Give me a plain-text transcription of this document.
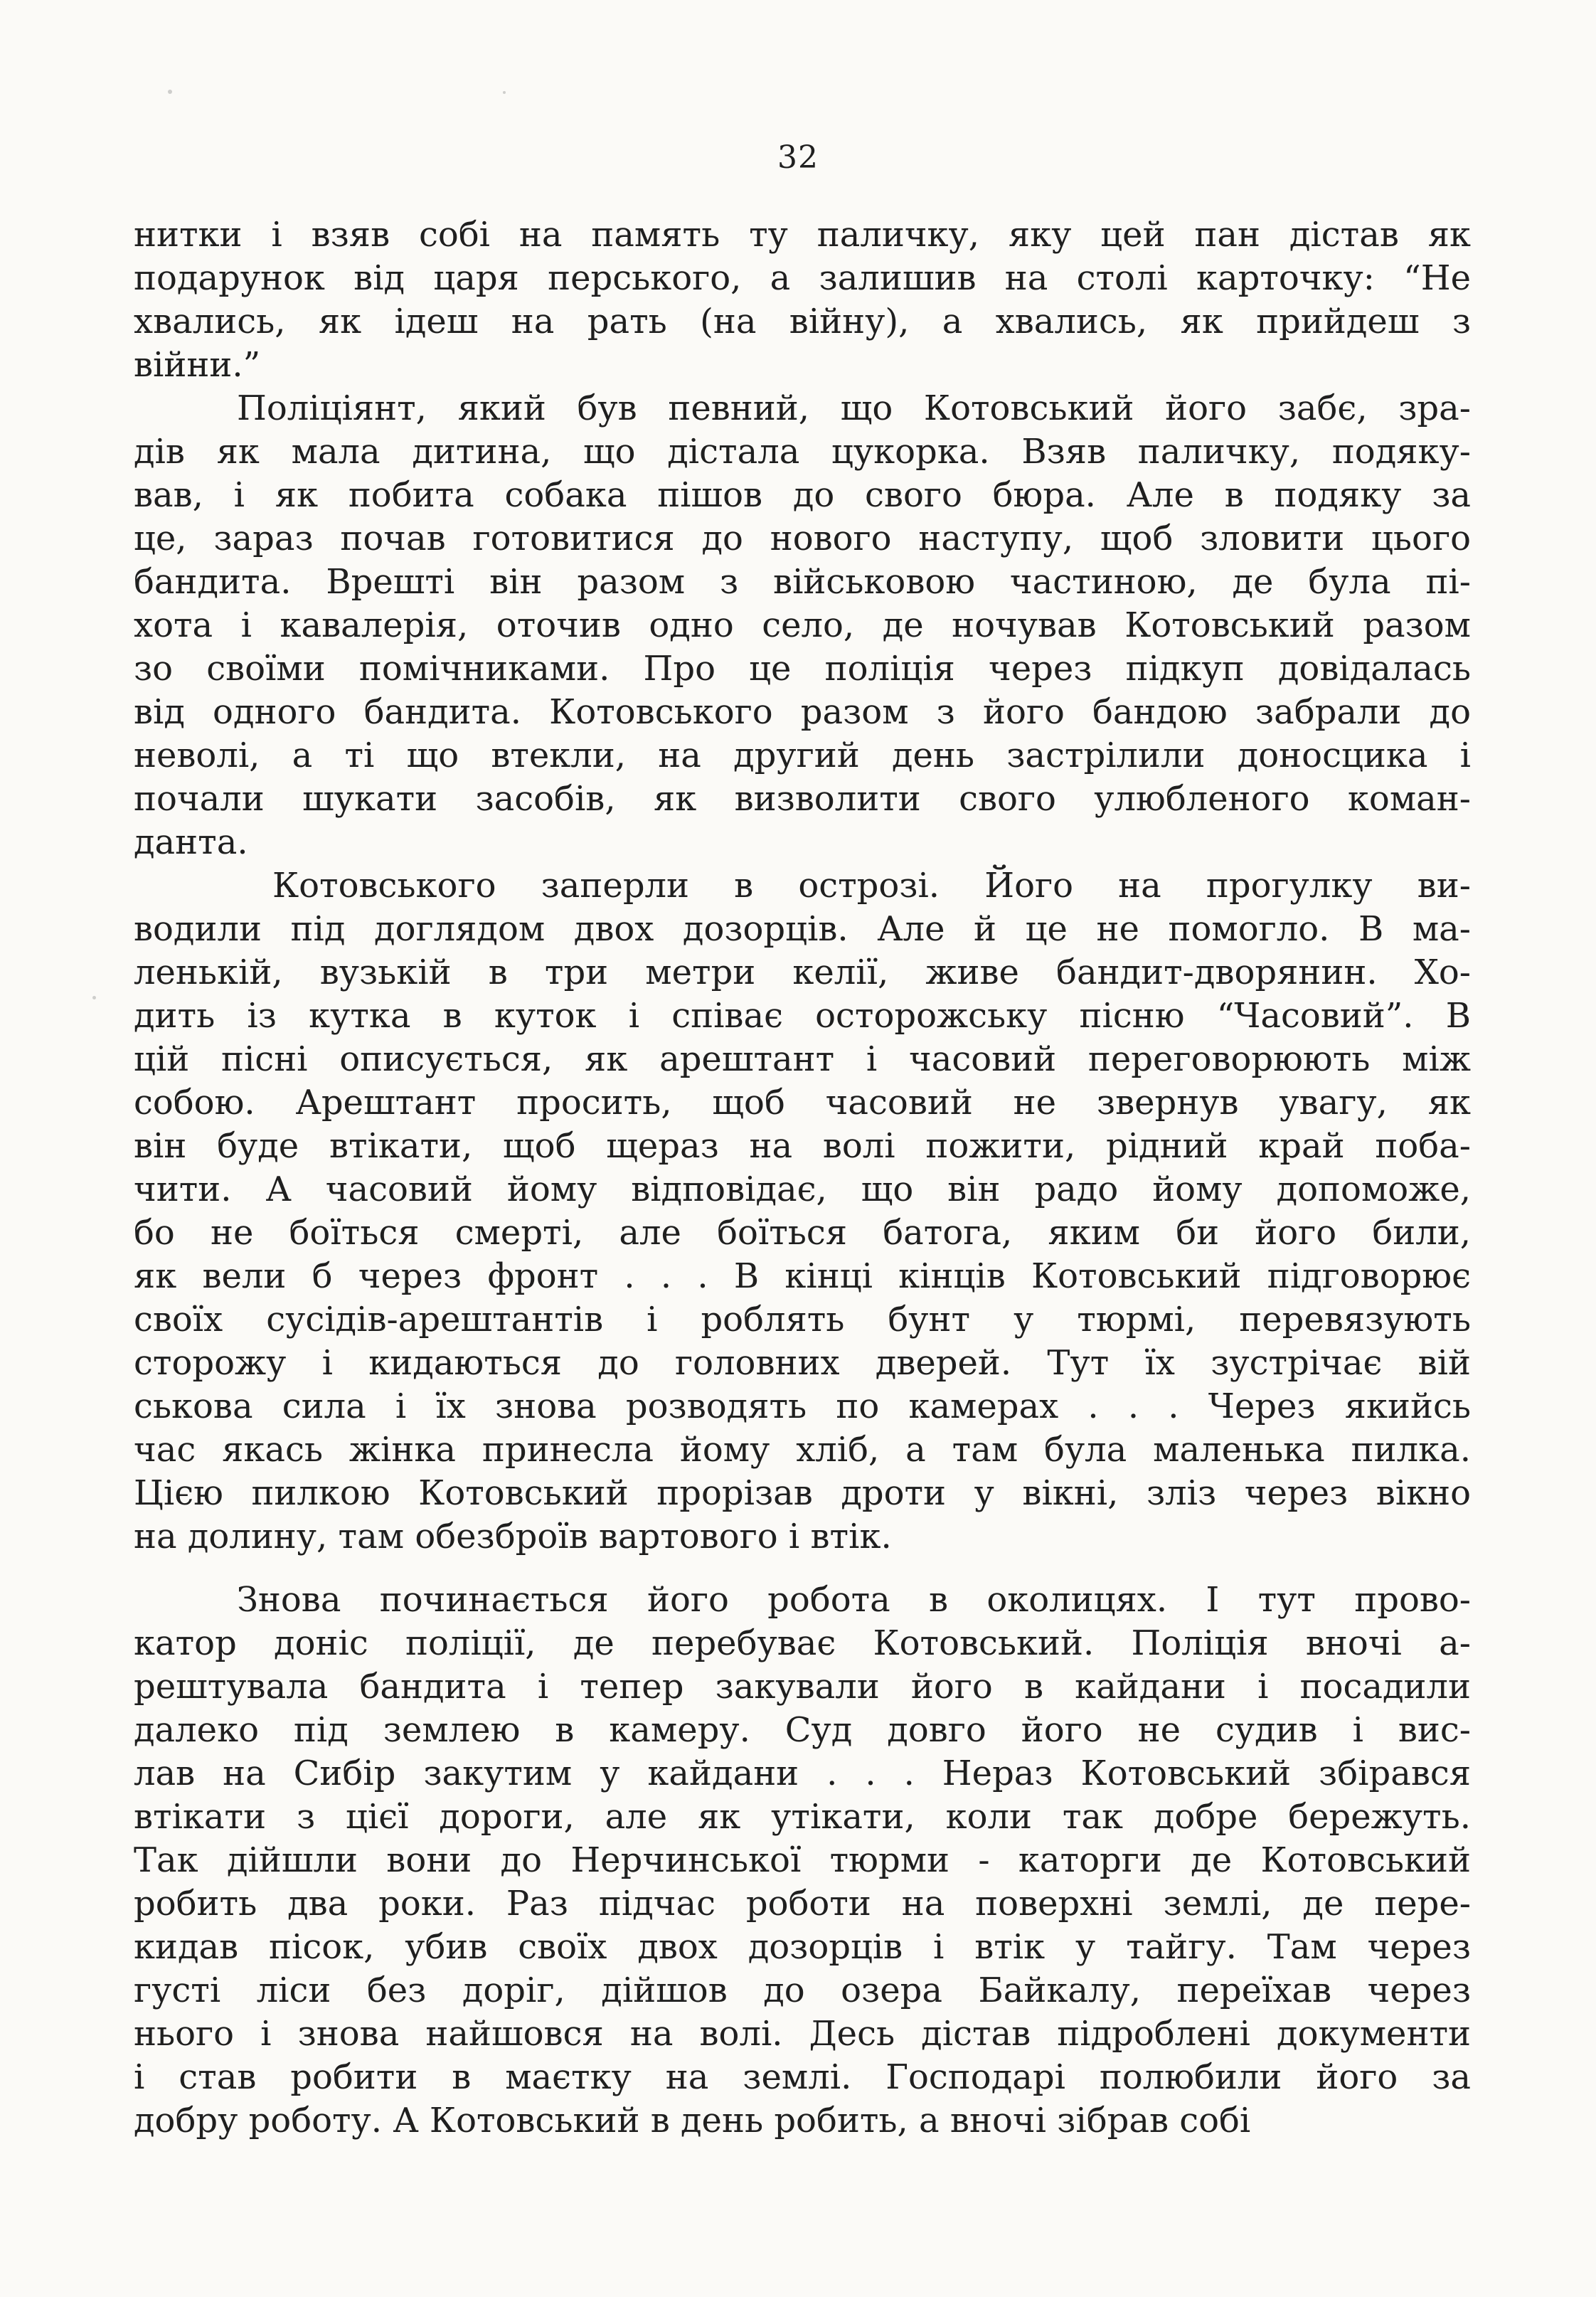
32
нитки і взяв собі на память ту паличку, яку цей пан дістав як
подарунок від царя перського, а залишив на столі карточку: “Не
хвались, як ідеш на рать (на війну), а хвались, як прийдеш з
війни.”
Поліціянт, який був певний, що Котовський його забє, зра-
дів як мала дитина, що дістала цукорка. Взяв паличку, подяку-
вав, і як побита собака пішов до свого бюра. Але в подяку за
це, зараз почав готовитися до нового наступу, щоб зловити цього
бандита. Врешті він разом з військовою частиною, де була пі-
хота і кавалерія, оточив одно село, де ночував Котовський разом
зо своїми помічниками. Про це поліція через підкуп довідалась
від одного бандита. Котовського разом з його бандою забрали до
неволі, а ті що втекли, на другий день застрілили доносцика і
почали шукати засобів, як визволити свого улюбленого коман-
данта.
Котовського заперли в острозі. Його на прогулку ви-
водили під доглядом двох дозорців. Але й це не помогло. В ма-
ленькій, вузькій в три метри келії, живе бандит-дворянин. Хо-
дить із кутка в куток і співає осторожську пісню “Часовий”. В
цій пісні описується, як арештант і часовий переговорюють між
собою. Арештант просить, щоб часовий не звернув увагу, як
він буде втікати, щоб щераз на волі пожити, рідний край поба-
чити. А часовий йому відповідає, що він радо йому допоможе,
бо не боїться смерті, але боїться батога, яким би його били,
як вели б через фронт . . . В кінці кінців Котовський підговорює
своїх сусідів-арештантів і роблять бунт у тюрмі, перевязують
сторожу і кидаються до головних дверей. Тут їх зустрічає вій
ськова сила і їх знова розводять по камерах . . . Через якийсь
час якась жінка принесла йому хліб, а там була маленька пилка.
Цією пилкою Котовський прорізав дроти у вікні, зліз через вікно
на долину, там обезброїв вартового і втік.
Знова починається його робота в околицях. І тут прово-
катор доніс поліції, де перебуває Котовський. Поліція вночі а-
рештувала бандита і тепер закували його в кайдани і посадили
далеко під землею в камеру. Суд довго його не судив і вис-
лав на Сибір закутим у кайдани . . . Нераз Котовський збірався
втікати з цієї дороги, але як утікати, коли так добре бережуть.
Так дійшли вони до Нерчинської тюрми - каторги де Котовський
робить два роки. Раз підчас роботи на поверхні землі, де пере-
кидав пісок, убив своїх двох дозорців і втік у тайгу. Там через
густі ліси без доріг, дійшов до озера Байкалу, переїхав через
нього і знова найшовся на волі. Десь дістав підроблені документи
і став робити в маєтку на землі. Господарі полюбили його за
добру роботу. А Котовський в день робить, а вночі зібрав собі
